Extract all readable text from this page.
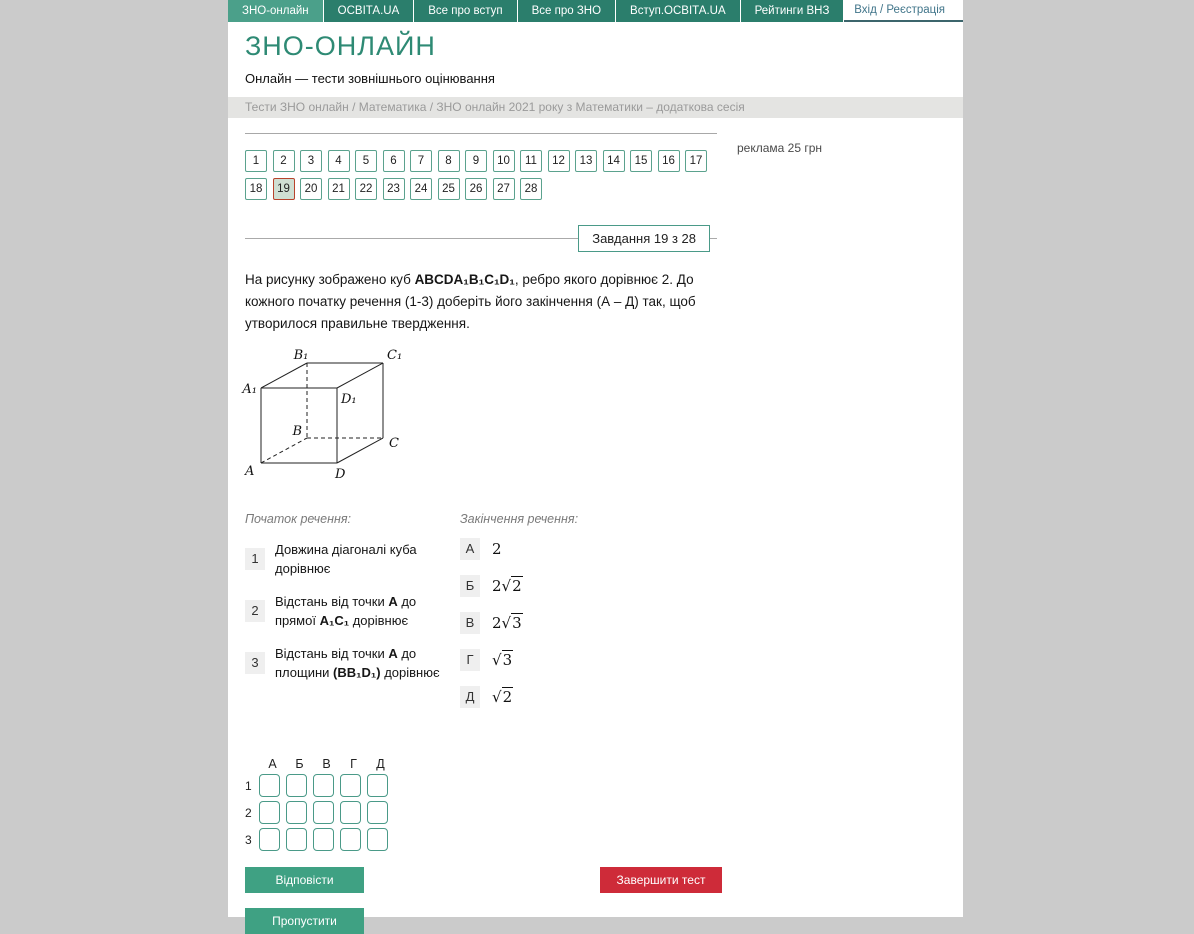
ЗНО-онлайн	ОСВІТА.UA	Все про вступ	Все про ЗНО	Вступ.ОСВІТА.UA	Рейтинги ВНЗ	Вхід / Реєстрація
ЗНО-ОНЛАЙН
Онлайн — тести зовнішнього оцінювання
Тести ЗНО онлайн / Математика / ЗНО онлайн 2021 року з Математики – додаткова сесія
реклама 25 грн
1	2	3	4	5	6	7	8	9	10	11	12	13	14	15	16	17
18	19	20	21	22	23	24	25	26	27	28
Завдання 19 з 28
На рисунку зображено куб ABCDA₁B₁C₁D₁, ребро якого дорівнює 2. До кожного початку речення (1-3) доберіть його закінчення (А – Д) так, щоб утворилося правильне твердження.
A₁
B₁	C₁
D₁
A
B
C
D
Початок речення:
1
Довжина діагоналі куба дорівнює
2
Відстань від точки A до прямої A₁C₁ дорівнює
3
Відстань від точки A до площини (BB₁D₁) дорівнює
Закінчення речення:
А	2
Б	2√2
В	2√3
Г	√3
Д	√2
А	Б	В	Г	Д
1
2
3
Відповісти	Завершити тест
Пропустити
